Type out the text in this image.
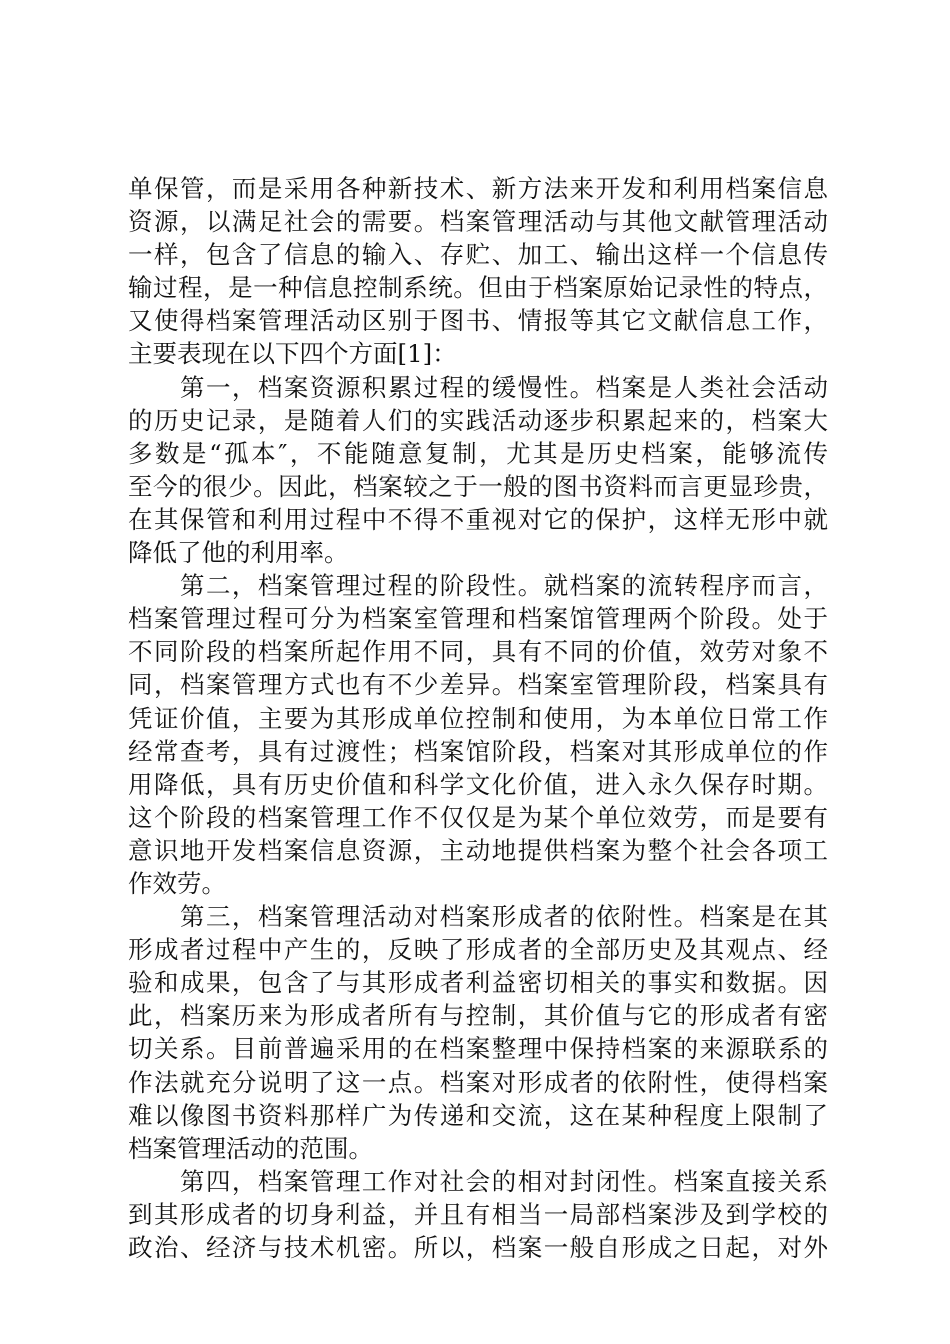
单保管，而是采用各种新技术、新方法来开发和利用档案信息
资源，以满足社会的需要。档案管理活动与其他文献管理活动
一样，包含了信息的输入、存贮、加工、输出这样一个信息传
输过程，是一种信息控制系统。但由于档案原始记录性的特点，
又使得档案管理活动区别于图书、情报等其它文献信息工作，
主要表现在以下四个方面[1]：
　　第一，档案资源积累过程的缓慢性。档案是人类社会活动
的历史记录，是随着人们的实践活动逐步积累起来的，档案大
多数是“孤本″，不能随意复制，尤其是历史档案，能够流传
至今的很少。因此，档案较之于一般的图书资料而言更显珍贵，
在其保管和利用过程中不得不重视对它的保护，这样无形中就
降低了他的利用率。
　　第二，档案管理过程的阶段性。就档案的流转程序而言，
档案管理过程可分为档案室管理和档案馆管理两个阶段。处于
不同阶段的档案所起作用不同，具有不同的价值，效劳对象不
同，档案管理方式也有不少差异。档案室管理阶段，档案具有
凭证价值，主要为其形成单位控制和使用，为本单位日常工作
经常查考，具有过渡性；档案馆阶段，档案对其形成单位的作
用降低，具有历史价值和科学文化价值，进入永久保存时期。
这个阶段的档案管理工作不仅仅是为某个单位效劳，而是要有
意识地开发档案信息资源，主动地提供档案为整个社会各项工
作效劳。
　　第三，档案管理活动对档案形成者的依附性。档案是在其
形成者过程中产生的，反映了形成者的全部历史及其观点、经
验和成果，包含了与其形成者利益密切相关的事实和数据。因
此，档案历来为形成者所有与控制，其价值与它的形成者有密
切关系。目前普遍采用的在档案整理中保持档案的来源联系的
作法就充分说明了这一点。档案对形成者的依附性，使得档案
难以像图书资料那样广为传递和交流，这在某种程度上限制了
档案管理活动的范围。
　　第四，档案管理工作对社会的相对封闭性。档案直接关系
到其形成者的切身利益，并且有相当一局部档案涉及到学校的
政治、经济与技术机密。所以，档案一般自形成之日起，对外
